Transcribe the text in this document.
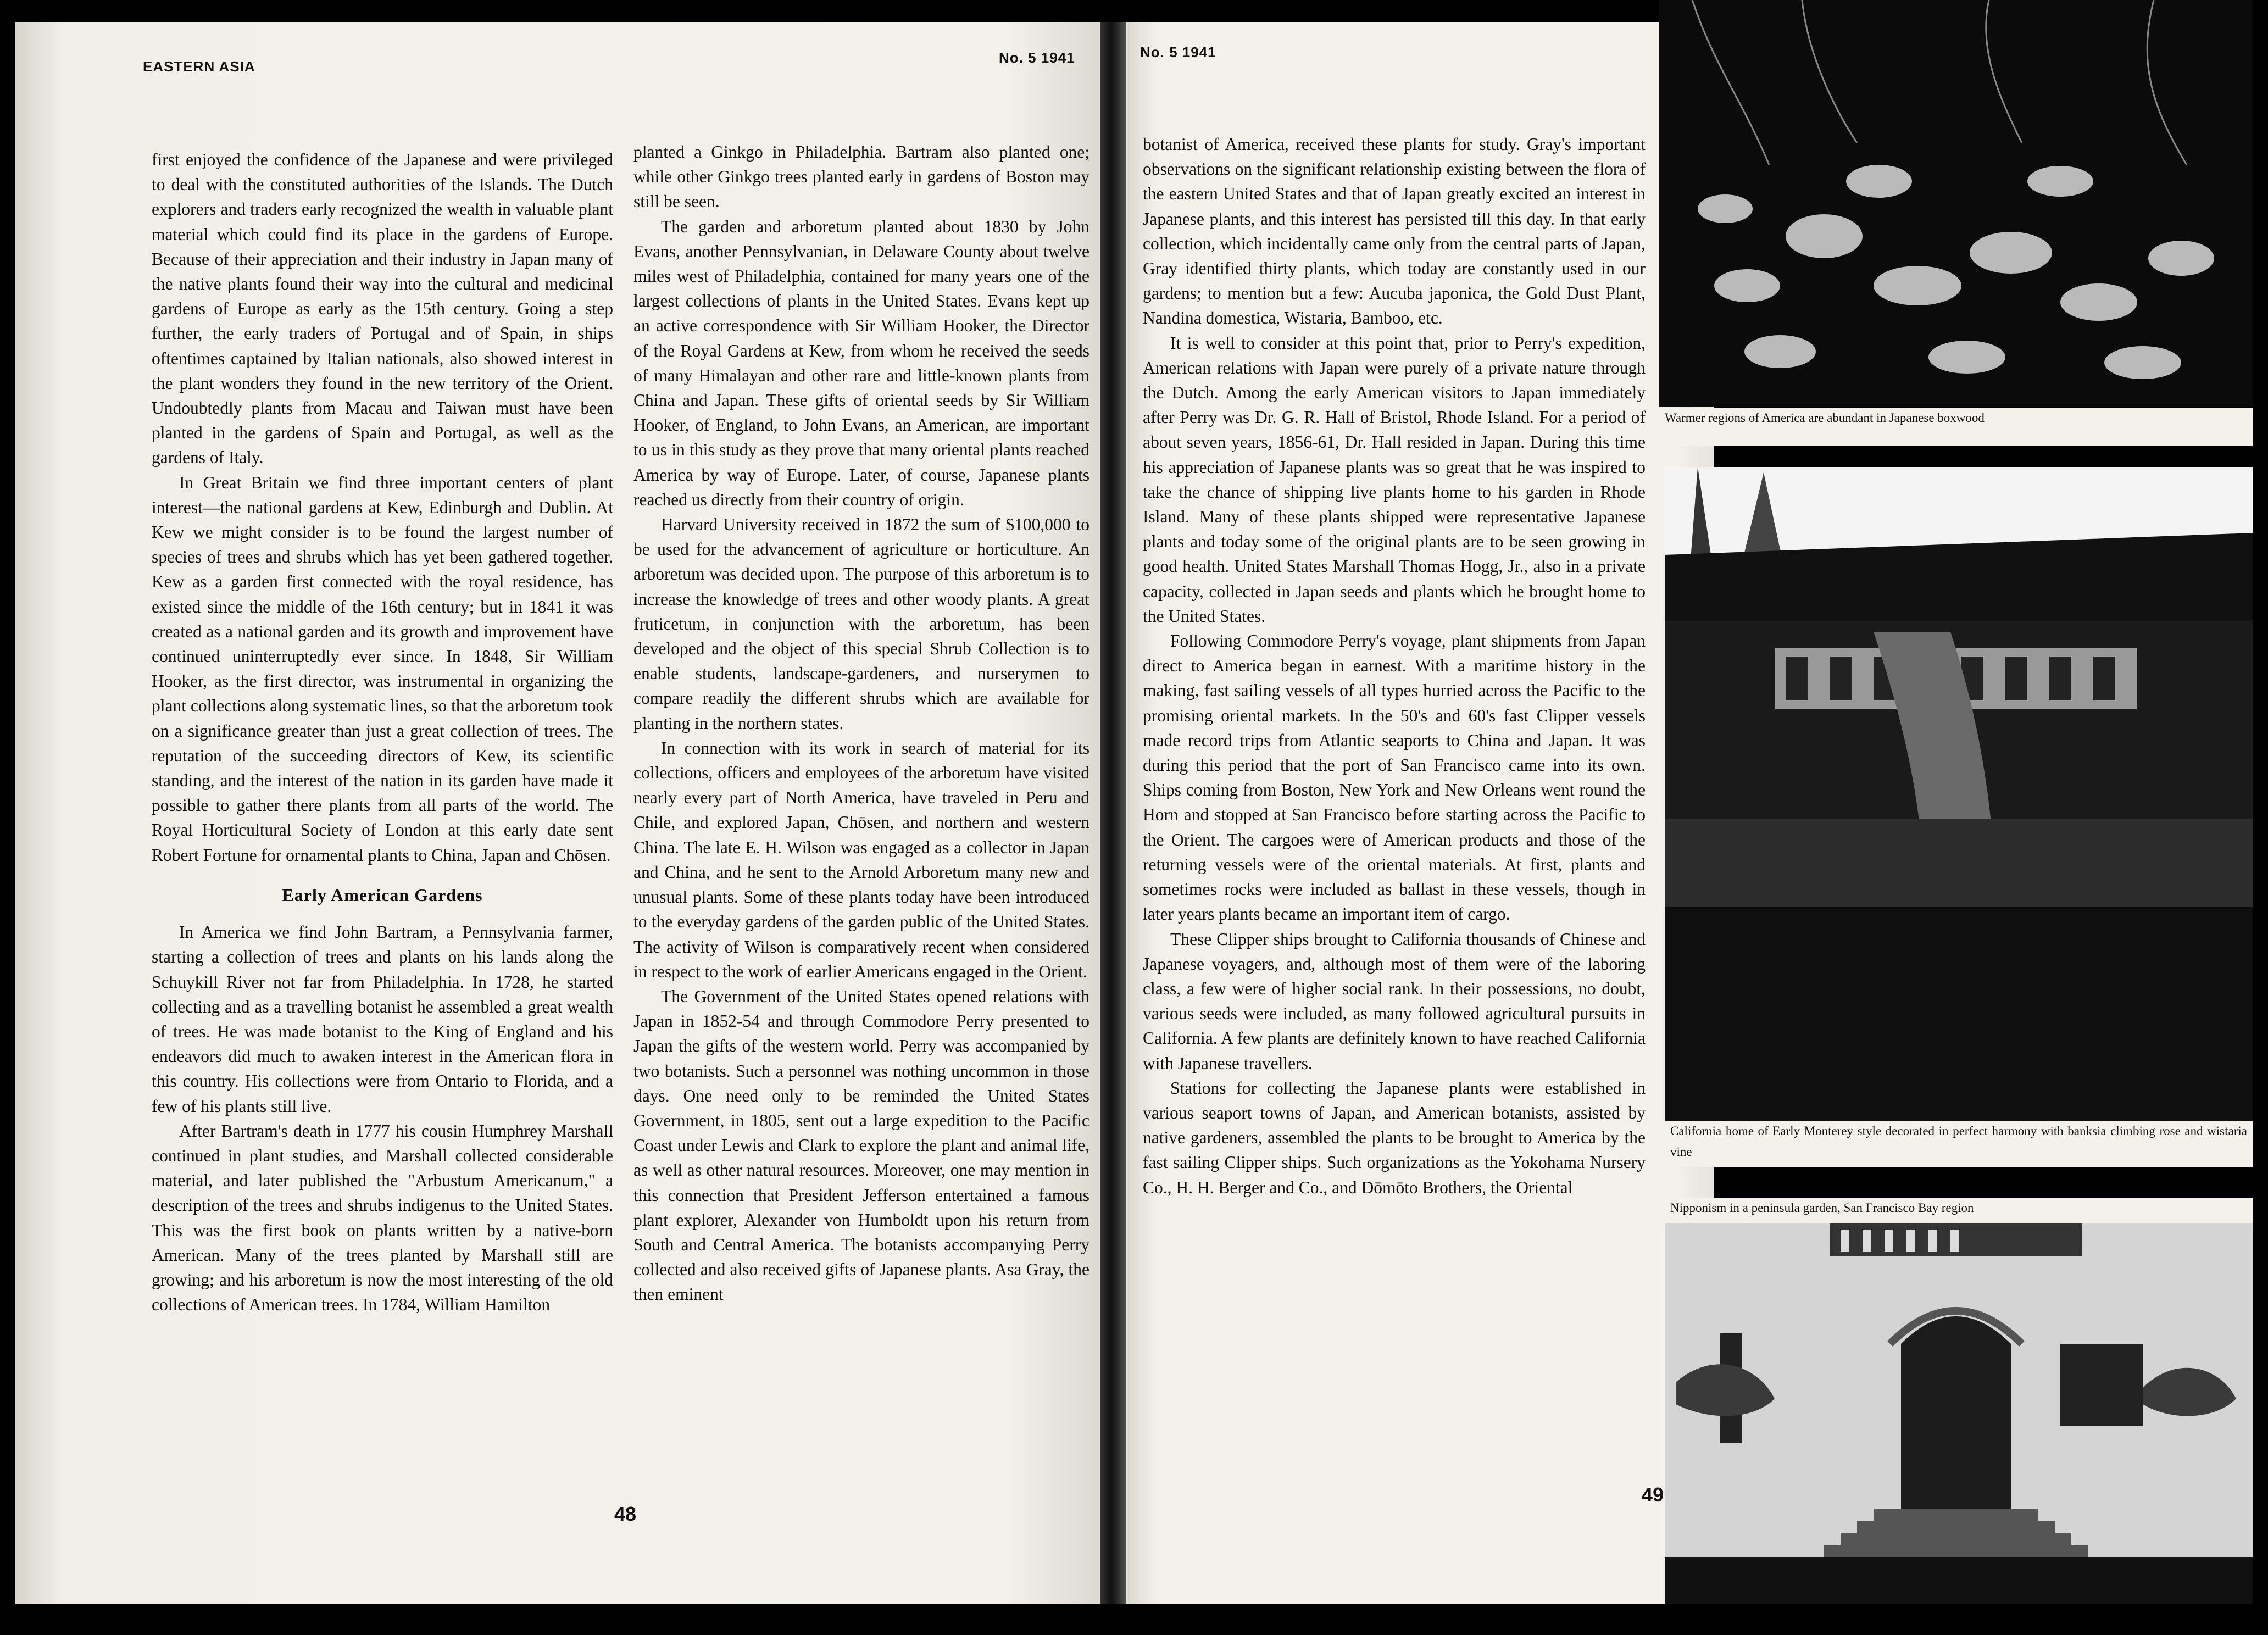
EASTERN ASIA
No. 5 1941

first enjoyed the confidence of the Japanese and were privileged to deal with the constituted authorities of the Islands. The Dutch explorers and traders early recognized the wealth in valuable plant material which could find its place in the gardens of Europe. Because of their appreciation and their industry in Japan many of the native plants found their way into the cultural and medicinal gardens of Europe as early as the 15th century. Going a step further, the early traders of Portugal and of Spain, in ships oftentimes captained by Italian nationals, also showed interest in the plant wonders they found in the new territory of the Orient. Undoubtedly plants from Macau and Taiwan must have been planted in the gardens of Spain and Portugal, as well as the gardens of Italy.

In Great Britain we find three important centers of plant interest—the national gardens at Kew, Edinburgh and Dublin. At Kew we might consider is to be found the largest number of species of trees and shrubs which has yet been gathered together. Kew as a garden first connected with the royal residence, has existed since the middle of the 16th century; but in 1841 it was created as a national garden and its growth and improvement have continued uninterruptedly ever since. In 1848, Sir William Hooker, as the first director, was instrumental in organizing the plant collections along systematic lines, so that the arboretum took on a significance greater than just a great collection of trees. The reputation of the succeeding directors of Kew, its scientific standing, and the interest of the nation in its garden have made it possible to gather there plants from all parts of the world. The Royal Horticultural Society of London at this early date sent Robert Fortune for ornamental plants to China, Japan and Chōsen.

Early American Gardens

In America we find John Bartram, a Pennsylvania farmer, starting a collection of trees and plants on his lands along the Schuykill River not far from Philadelphia. In 1728, he started collecting and as a travelling botanist he assembled a great wealth of trees. He was made botanist to the King of England and his endeavors did much to awaken interest in the American flora in this country. His collections were from Ontario to Florida, and a few of his plants still live.

After Bartram's death in 1777 his cousin Humphrey Marshall continued in plant studies, and Marshall collected considerable material, and later published the "Arbustum Americanum," a description of the trees and shrubs indigenus to the United States. This was the first book on plants written by a native-born American. Many of the trees planted by Marshall still are growing; and his arboretum is now the most interesting of the old collections of American trees. In 1784, William Hamilton

planted a Ginkgo in Philadelphia. Bartram also planted one; while other Ginkgo trees planted early in gardens of Boston may still be seen.

The garden and arboretum planted about 1830 by John Evans, another Pennsylvanian, in Delaware County about twelve miles west of Philadelphia, contained for many years one of the largest collections of plants in the United States. Evans kept up an active correspondence with Sir William Hooker, the Director of the Royal Gardens at Kew, from whom he received the seeds of many Himalayan and other rare and little-known plants from China and Japan. These gifts of oriental seeds by Sir William Hooker, of England, to John Evans, an American, are important to us in this study as they prove that many oriental plants reached America by way of Europe. Later, of course, Japanese plants reached us directly from their country of origin.

Harvard University received in 1872 the sum of $100,000 to be used for the advancement of agriculture or horticulture. An arboretum was decided upon. The purpose of this arboretum is to increase the knowledge of trees and other woody plants. A great fruticetum, in conjunction with the arboretum, has been developed and the object of this special Shrub Collection is to enable students, landscape-gardeners, and nurserymen to compare readily the different shrubs which are available for planting in the northern states.

In connection with its work in search of material for its collections, officers and employees of the arboretum have visited nearly every part of North America, have traveled in Peru and Chile, and explored Japan, Chōsen, and northern and western China. The late E. H. Wilson was engaged as a collector in Japan and China, and he sent to the Arnold Arboretum many new and unusual plants. Some of these plants today have been introduced to the everyday gardens of the garden public of the United States. The activity of Wilson is comparatively recent when considered in respect to the work of earlier Americans engaged in the Orient.

The Government of the United States opened relations with Japan in 1852-54 and through Commodore Perry presented to Japan the gifts of the western world. Perry was accompanied by two botanists. Such a personnel was nothing uncommon in those days. One need only to be reminded the United States Government, in 1805, sent out a large expedition to the Pacific Coast under Lewis and Clark to explore the plant and animal life, as well as other natural resources. Moreover, one may mention in this connection that President Jefferson entertained a famous plant explorer, Alexander von Humboldt upon his return from South and Central America. The botanists accompanying Perry collected and also received gifts of Japanese plants. Asa Gray, the then eminent

48
No. 5 1941

botanist of America, received these plants for study. Gray's important observations on the significant relationship existing between the flora of the eastern United States and that of Japan greatly excited an interest in Japanese plants, and this interest has persisted till this day. In that early collection, which incidentally came only from the central parts of Japan, Gray identified thirty plants, which today are constantly used in our gardens; to mention but a few: Aucuba japonica, the Gold Dust Plant, Nandina domestica, Wistaria, Bamboo, etc.

It is well to consider at this point that, prior to Perry's expedition, American relations with Japan were purely of a private nature through the Dutch. Among the early American visitors to Japan immediately after Perry was Dr. G. R. Hall of Bristol, Rhode Island. For a period of about seven years, 1856-61, Dr. Hall resided in Japan. During this time his appreciation of Japanese plants was so great that he was inspired to take the chance of shipping live plants home to his garden in Rhode Island. Many of these plants shipped were representative Japanese plants and today some of the original plants are to be seen growing in good health. United States Marshall Thomas Hogg, Jr., also in a private capacity, collected in Japan seeds and plants which he brought home to the United States.

Following Commodore Perry's voyage, plant shipments from Japan direct to America began in earnest. With a maritime history in the making, fast sailing vessels of all types hurried across the Pacific to the promising oriental markets. In the 50's and 60's fast Clipper vessels made record trips from Atlantic seaports to China and Japan. It was during this period that the port of San Francisco came into its own. Ships coming from Boston, New York and New Orleans went round the Horn and stopped at San Francisco before starting across the Pacific to the Orient. The cargoes were of American products and those of the returning vessels were of the oriental materials. At first, plants and sometimes rocks were included as ballast in these vessels, though in later years plants became an important item of cargo.

These Clipper ships brought to California thousands of Chinese and Japanese voyagers, and, although most of them were of the laboring class, a few were of higher social rank. In their possessions, no doubt, various seeds were included, as many followed agricultural pursuits in California. A few plants are definitely known to have reached California with Japanese travellers.

Stations for collecting the Japanese plants were established in various seaport towns of Japan, and American botanists, assisted by native gardeners, assembled the plants to be brought to America by the fast sailing Clipper ships. Such organizations as the Yokohama Nursery Co., H. H. Berger and Co., and Dōmōto Brothers, the Oriental

49
Warmer regions of America are abundant in Japanese boxwood
California home of Early Monterey style decorated in perfect harmony with banksia climbing rose and wistaria vine
Nipponism in a peninsula garden, San Francisco Bay region
